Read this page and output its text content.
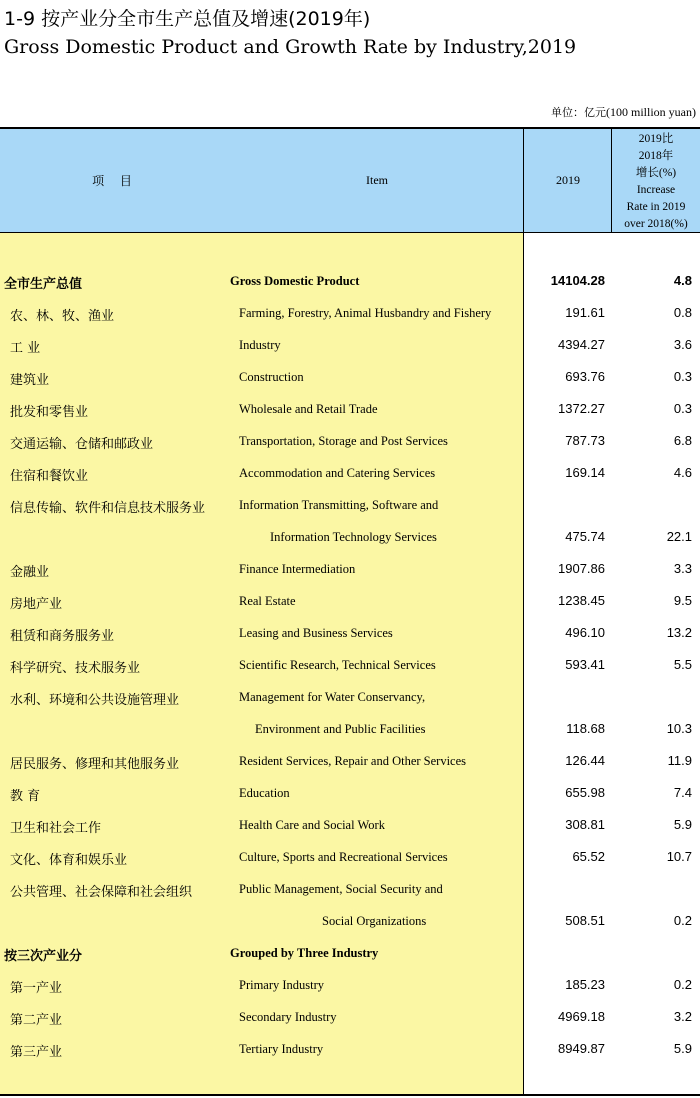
1-9 按产业分全市生产总值及增速(2019年)
Gross Domestic Product and Growth Rate by Industry,2019
单位：亿元(100 million yuan)
项 目	Item	2019
2019比
2018年
增长(%)
Increase
Rate in 2019
over 2018(%)
全市生产总值	Gross Domestic Product	14104.28	4.8
农、林、牧、渔业	Farming, Forestry, Animal Husbandry and Fishery	191.61	0.8
工 业	Industry	4394.27	3.6
建筑业	Construction	693.76	0.3
批发和零售业	Wholesale and Retail Trade	1372.27	0.3
交通运输、仓储和邮政业	Transportation, Storage and Post Services	787.73	6.8
住宿和餐饮业	Accommodation and Catering Services	169.14	4.6
信息传输、软件和信息技术服务业	Information Transmitting, Software and
Information Technology Services	475.74	22.1
金融业	Finance Intermediation	1907.86	3.3
房地产业	Real Estate	1238.45	9.5
租赁和商务服务业	Leasing and Business Services	496.10	13.2
科学研究、技术服务业	Scientific Research, Technical Services	593.41	5.5
水利、环境和公共设施管理业	Management for Water Conservancy,
Environment and Public Facilities	118.68	10.3
居民服务、修理和其他服务业	Resident Services, Repair and Other Services	126.44	11.9
教 育	Education	655.98	7.4
卫生和社会工作	Health Care and Social Work	308.81	5.9
文化、体育和娱乐业	Culture, Sports and Recreational Services	65.52	10.7
公共管理、社会保障和社会组织	Public Management, Social Security and
Social Organizations	508.51	0.2
按三次产业分	Grouped by Three Industry
第一产业	Primary Industry	185.23	0.2
第二产业	Secondary Industry	4969.18	3.2
第三产业	Tertiary Industry	8949.87	5.9
